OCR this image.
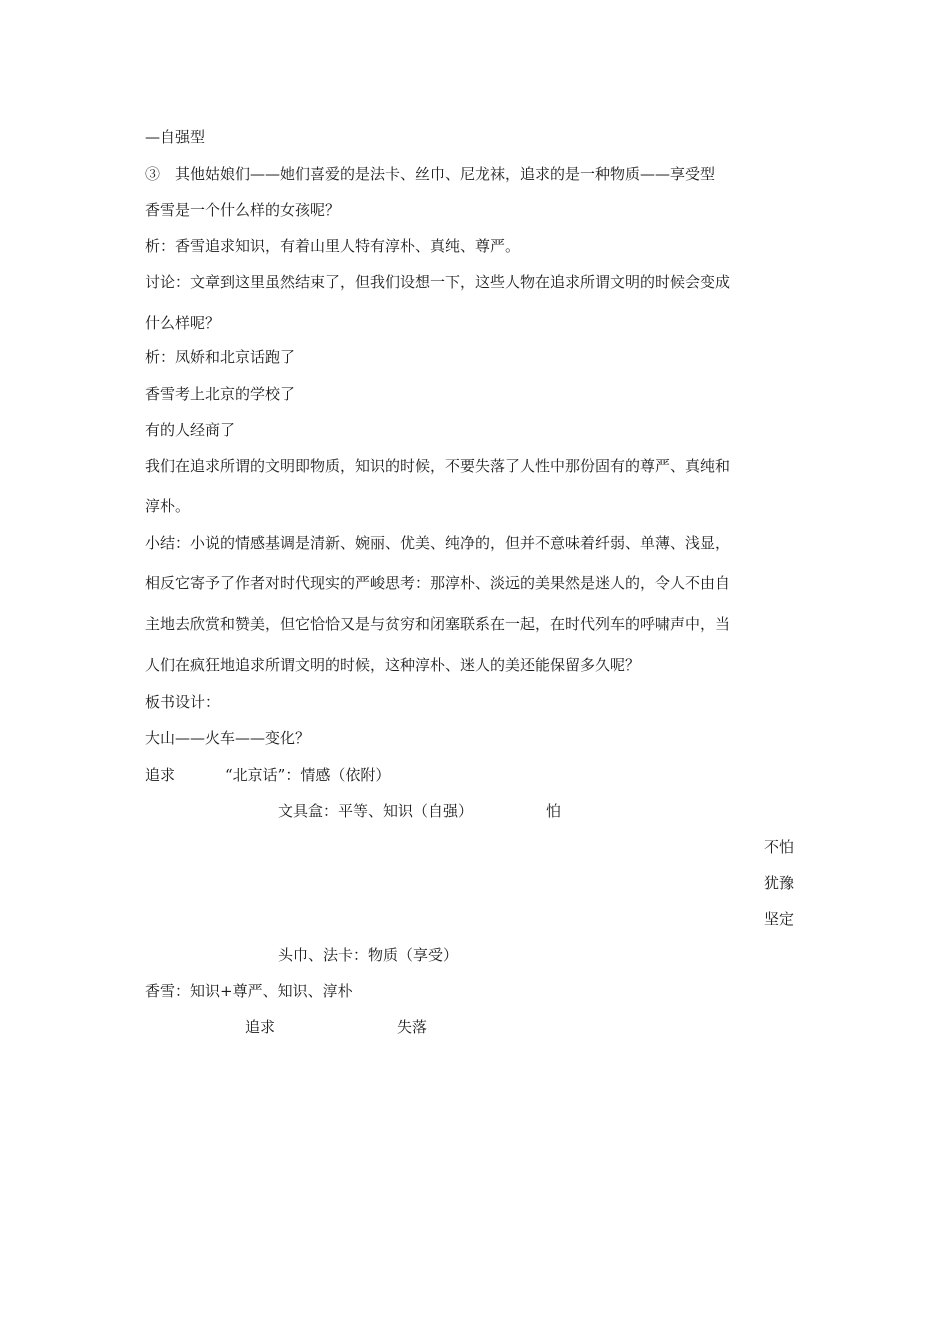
—自强型
③　其他姑娘们——她们喜爱的是法卡、丝巾、尼龙袜，追求的是一种物质——享受型
香雪是一个什么样的女孩呢？
析：香雪追求知识，有着山里人特有淳朴、真纯、尊严。
讨论：文章到这里虽然结束了，但我们设想一下，这些人物在追求所谓文明的时候会变成
什么样呢？
析：凤娇和北京话跑了
香雪考上北京的学校了
有的人经商了
我们在追求所谓的文明即物质，知识的时候，不要失落了人性中那份固有的尊严、真纯和
淳朴。
小结：小说的情感基调是清新、婉丽、优美、纯净的，但并不意味着纤弱、单薄、浅显，
相反它寄予了作者对时代现实的严峻思考：那淳朴、淡远的美果然是迷人的，令人不由自
主地去欣赏和赞美，但它恰恰又是与贫穷和闭塞联系在一起，在时代列车的呼啸声中，当
人们在疯狂地追求所谓文明的时候，这种淳朴、迷人的美还能保留多久呢？
板书设计：
大山——火车——变化？
追求	“北京话”：情感（依附）
文具盒：平等、知识（自强）	怕
不怕
犹豫
坚定
头巾、法卡：物质（享受）
香雪：知识+尊严、知识、淳朴
追求	失落
